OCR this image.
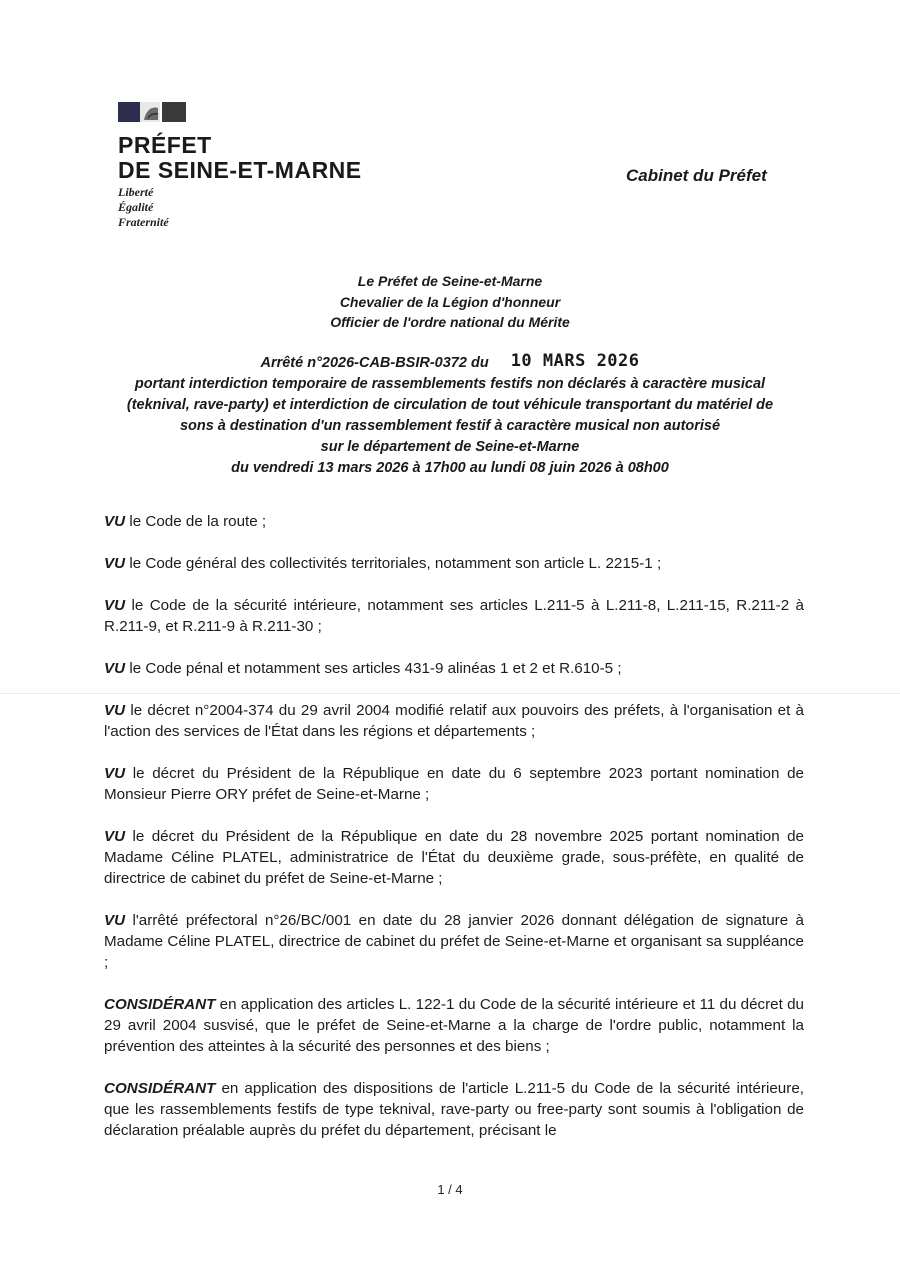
PRÉFET
DE SEINE-ET-MARNE
Liberté
Égalité
Fraternité
Cabinet du Préfet
Le Préfet de Seine-et-Marne
Chevalier de la Légion d'honneur
Officier de l'ordre national du Mérite
Arrêté n°2026-CAB-BSIR-0372 du 10 MARS 2026
portant interdiction temporaire de rassemblements festifs non déclarés à caractère musical
(teknival, rave-party) et interdiction de circulation de tout véhicule transportant du matériel de
sons à destination d'un rassemblement festif à caractère musical non autorisé
sur le département de Seine-et-Marne
du vendredi 13 mars 2026 à 17h00 au lundi 08 juin 2026 à 08h00

VU le Code de la route ;

VU le Code général des collectivités territoriales, notamment son article L. 2215-1 ;

VU le Code de la sécurité intérieure, notamment ses articles L.211-5 à L.211-8, L.211-15, R.211-2 à R.211-9, et R.211-9 à R.211-30 ;

VU le Code pénal et notamment ses articles 431-9 alinéas 1 et 2 et R.610-5 ;

VU le décret n°2004-374 du 29 avril 2004 modifié relatif aux pouvoirs des préfets, à l'organisation et à l'action des services de l'État dans les régions et départements ;

VU le décret du Président de la République en date du 6 septembre 2023 portant nomination de Monsieur Pierre ORY préfet de Seine-et-Marne ;

VU le décret du Président de la République en date du 28 novembre 2025 portant nomination de Madame Céline PLATEL, administratrice de l'État du deuxième grade, sous-préfète, en qualité de directrice de cabinet du préfet de Seine-et-Marne ;

VU l'arrêté préfectoral n°26/BC/001 en date du 28 janvier 2026 donnant délégation de signature à Madame Céline PLATEL, directrice de cabinet du préfet de Seine-et-Marne et organisant sa suppléance ;

CONSIDÉRANT en application des articles L. 122-1 du Code de la sécurité intérieure et 11 du décret du 29 avril 2004 susvisé, que le préfet de Seine-et-Marne a la charge de l'ordre public, notamment la prévention des atteintes à la sécurité des personnes et des biens ;

CONSIDÉRANT en application des dispositions de l'article L.211-5 du Code de la sécurité intérieure, que les rassemblements festifs de type teknival, rave-party ou free-party sont soumis à l'obligation de déclaration préalable auprès du préfet du département, précisant le

1 / 4
